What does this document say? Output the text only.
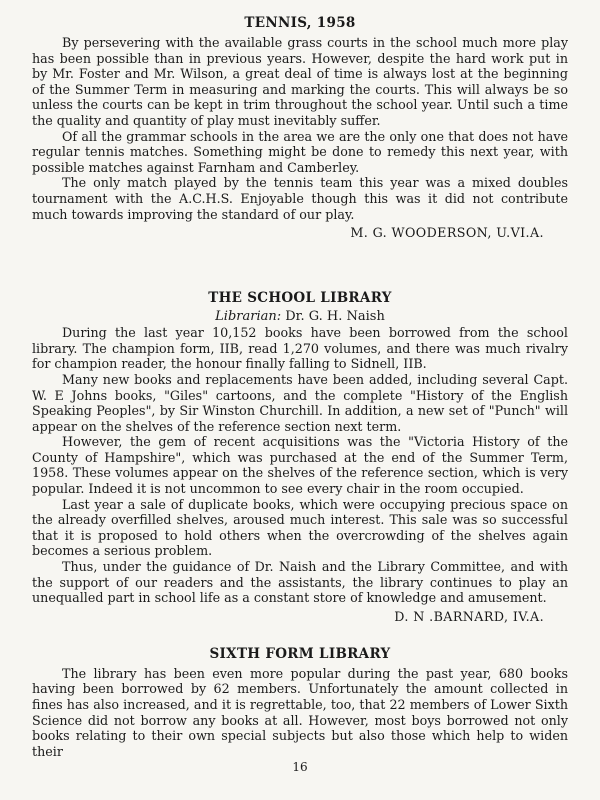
TENNIS, 1958

By persevering with the available grass courts in the school much more play has been possible than in previous years. However, despite the hard work put in by Mr. Foster and Mr. Wilson, a great deal of time is always lost at the beginning of the Summer Term in measuring and marking the courts. This will always be so unless the courts can be kept in trim throughout the school year. Until such a time the quality and quantity of play must inevitably suffer.

Of all the grammar schools in the area we are the only one that does not have regular tennis matches. Something might be done to remedy this next year, with possible matches against Farnham and Camberley.

The only match played by the tennis team this year was a mixed doubles tournament with the A.C.H.S. Enjoyable though this was it did not contribute much towards improving the standard of our play.

M. G. WOODERSON, U.VI.A.
THE SCHOOL LIBRARY
Librarian: Dr. G. H. Naish

During the last year 10,152 books have been borrowed from the school library. The champion form, IIB, read 1,270 volumes, and there was much rivalry for champion reader, the honour finally falling to Sidnell, IIB.

Many new books and replacements have been added, including several Capt. W. E Johns books, "Giles" cartoons, and the complete "History of the English Speaking Peoples", by Sir Winston Churchill. In addition, a new set of "Punch" will appear on the shelves of the reference section next term.

However, the gem of recent acquisitions was the "Victoria History of the County of Hampshire", which was purchased at the end of the Summer Term, 1958. These volumes appear on the shelves of the reference section, which is very popular. Indeed it is not uncommon to see every chair in the room occupied.

Last year a sale of duplicate books, which were occupying precious space on the already overfilled shelves, aroused much interest. This sale was so successful that it is proposed to hold others when the overcrowding of the shelves again becomes a serious problem.

Thus, under the guidance of Dr. Naish and the Library Committee, and with the support of our readers and the assistants, the library continues to play an unequalled part in school life as a constant store of knowledge and amusement.

D. N .BARNARD, IV.A.
SIXTH FORM LIBRARY

The library has been even more popular during the past year, 680 books having been borrowed by 62 members. Unfortunately the amount collected in fines has also increased, and it is regrettable, too, that 22 members of Lower Sixth Science did not borrow any books at all. However, most boys borrowed not only books relating to their own special subjects but also those which help to widen their

16
